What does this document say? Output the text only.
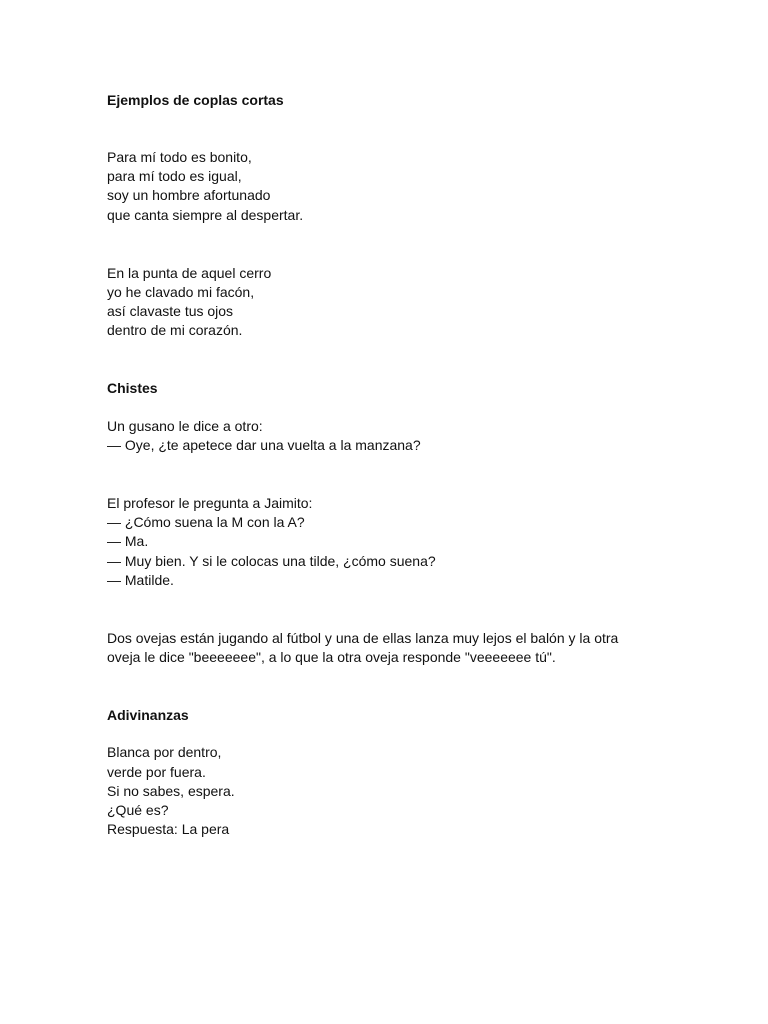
Ejemplos de coplas cortas

Para mí todo es bonito,
para mí todo es igual,
soy un hombre afortunado
que canta siempre al despertar.

En la punta de aquel cerro
yo he clavado mi facón,
así clavaste tus ojos
dentro de mi corazón.

Chistes

Un gusano le dice a otro:
— Oye, ¿te apetece dar una vuelta a la manzana?

El profesor le pregunta a Jaimito:
— ¿Cómo suena la M con la A?
— Ma.
— Muy bien. Y si le colocas una tilde, ¿cómo suena?
— Matilde.

Dos ovejas están jugando al fútbol y una de ellas lanza muy lejos el balón y la otra
oveja le dice "beeeeeee", a lo que la otra oveja responde "veeeeeee tú".

Adivinanzas

Blanca por dentro,
verde por fuera.
Si no sabes, espera.
¿Qué es?
Respuesta: La pera
